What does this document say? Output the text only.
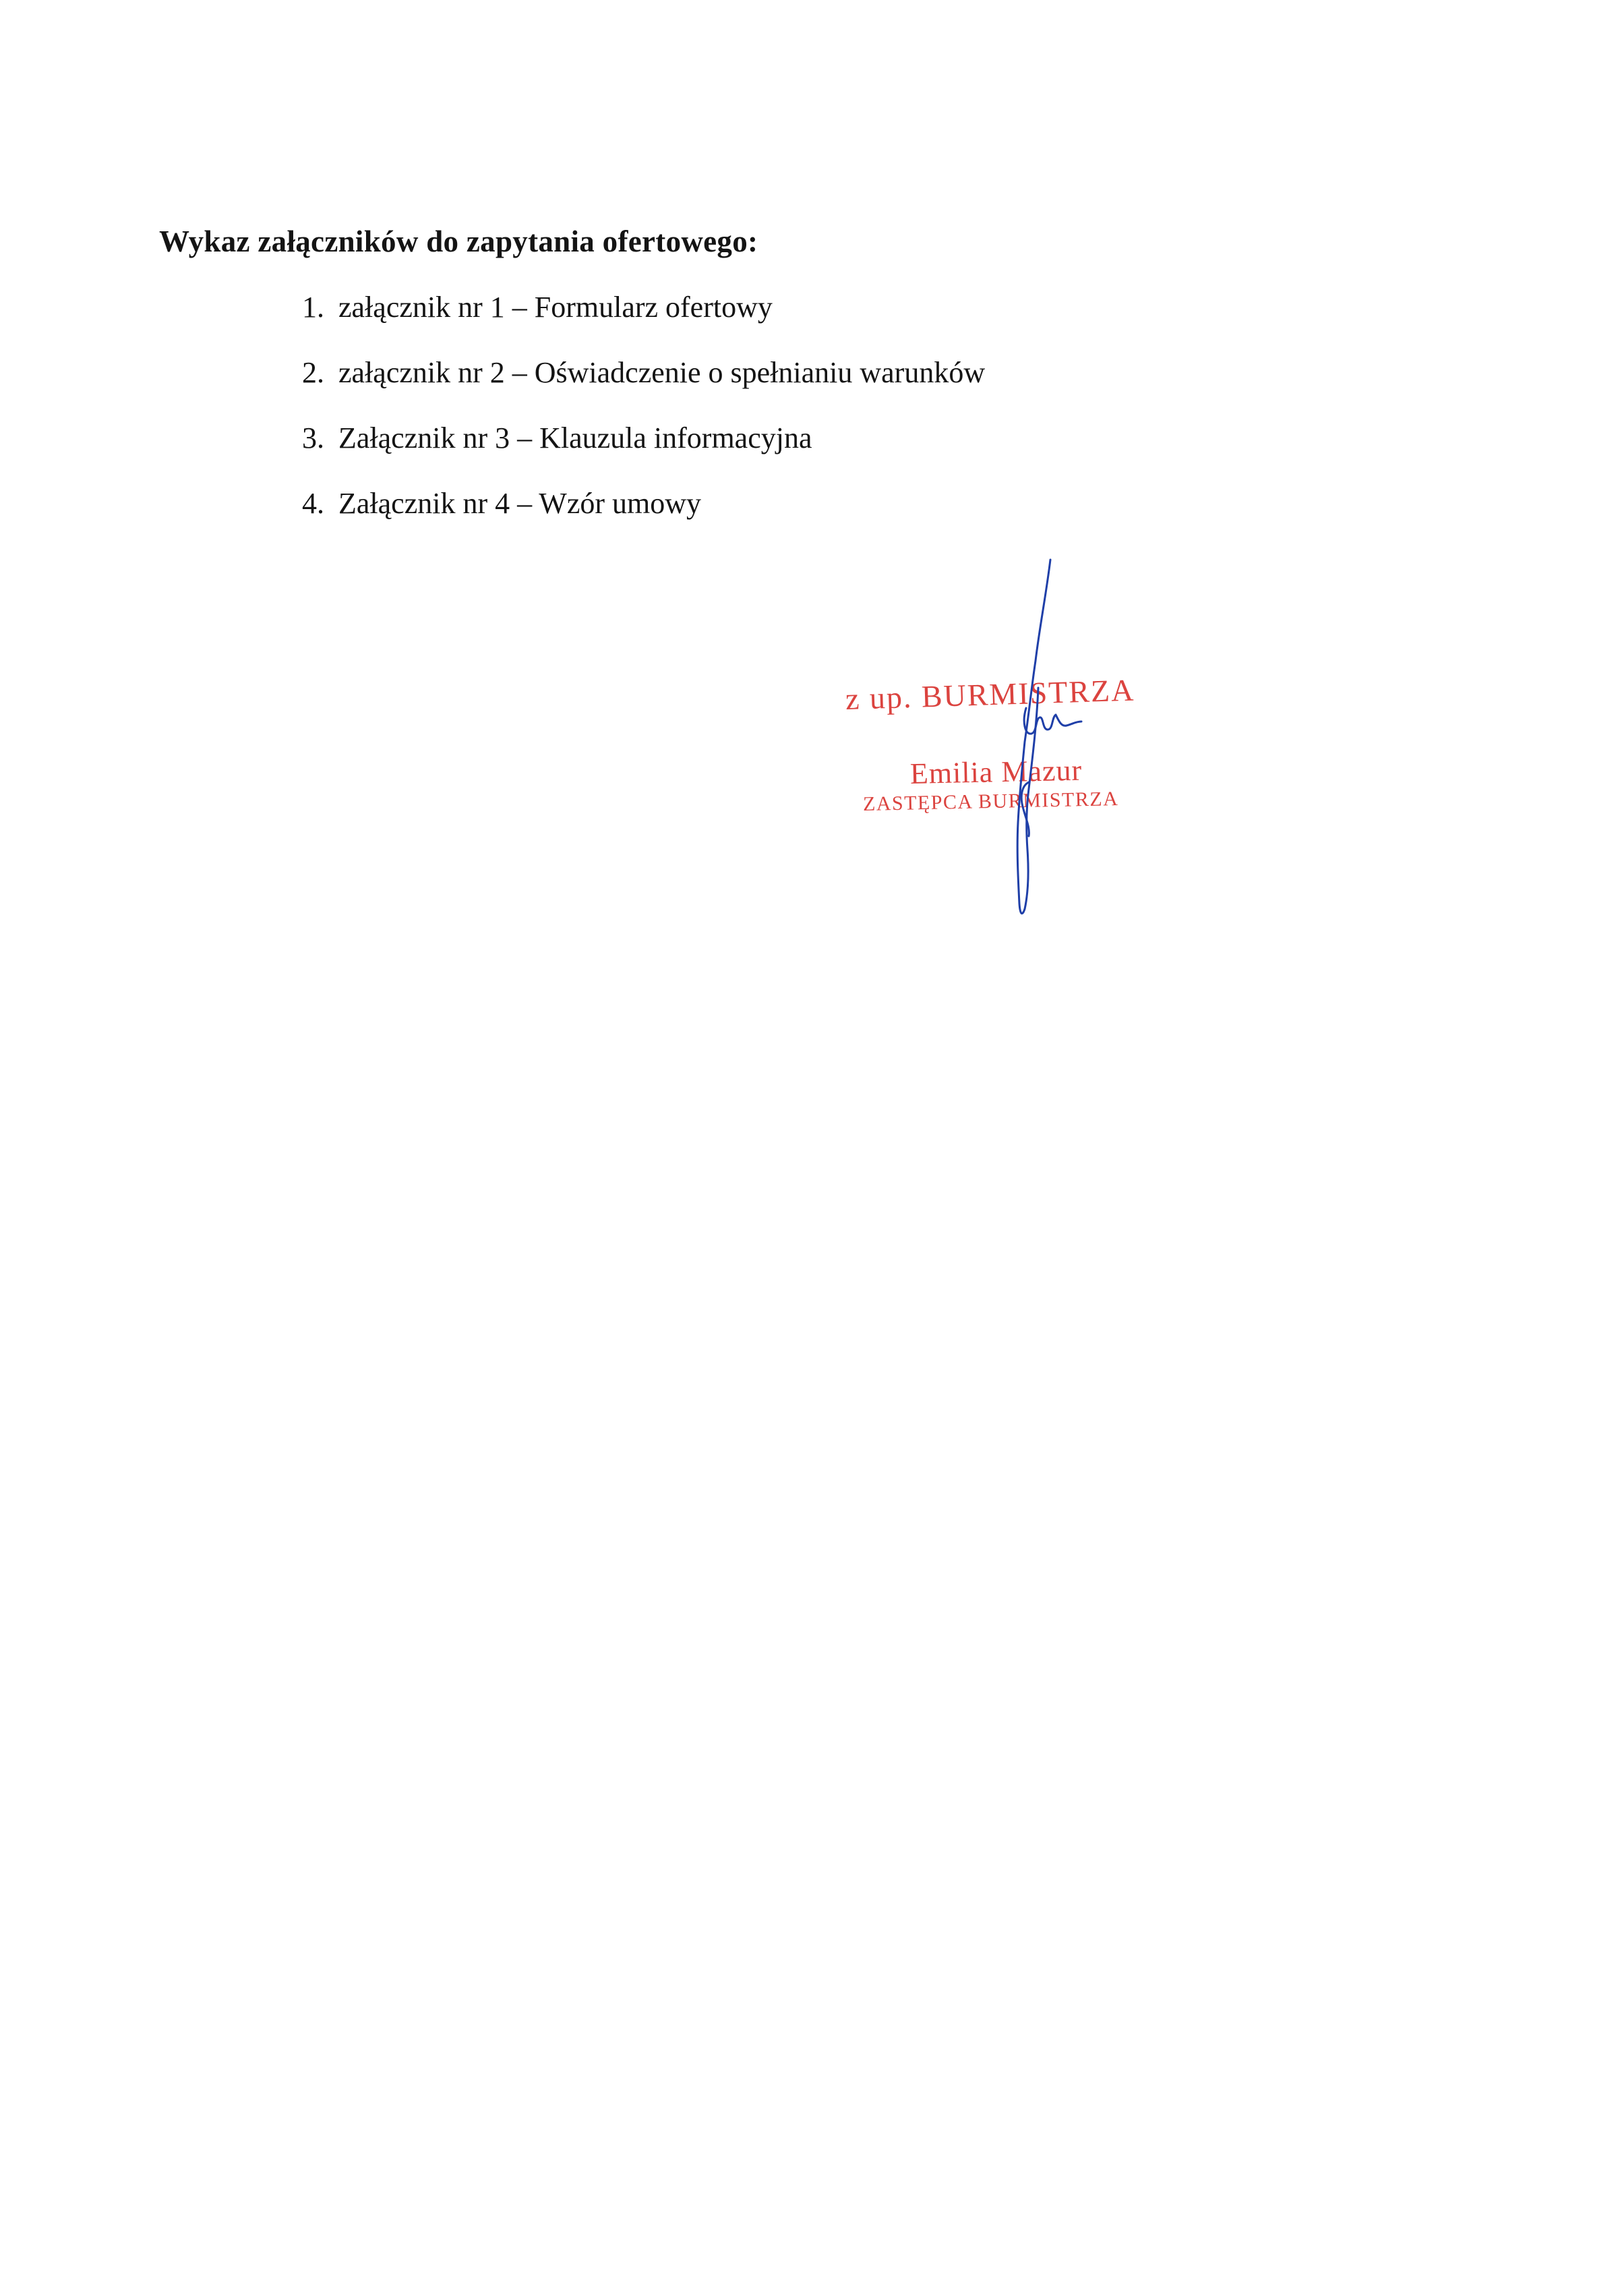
Wykaz załączników do zapytania ofertowego:
1. załącznik nr 1 – Formularz ofertowy
2. załącznik nr 2 – Oświadczenie o spełnianiu warunków
3. Załącznik nr 3 – Klauzula informacyjna
4. Załącznik nr 4 – Wzór umowy
z up. BURMISTRZA
Emilia Mazur
ZASTĘPCA BURMISTRZA
